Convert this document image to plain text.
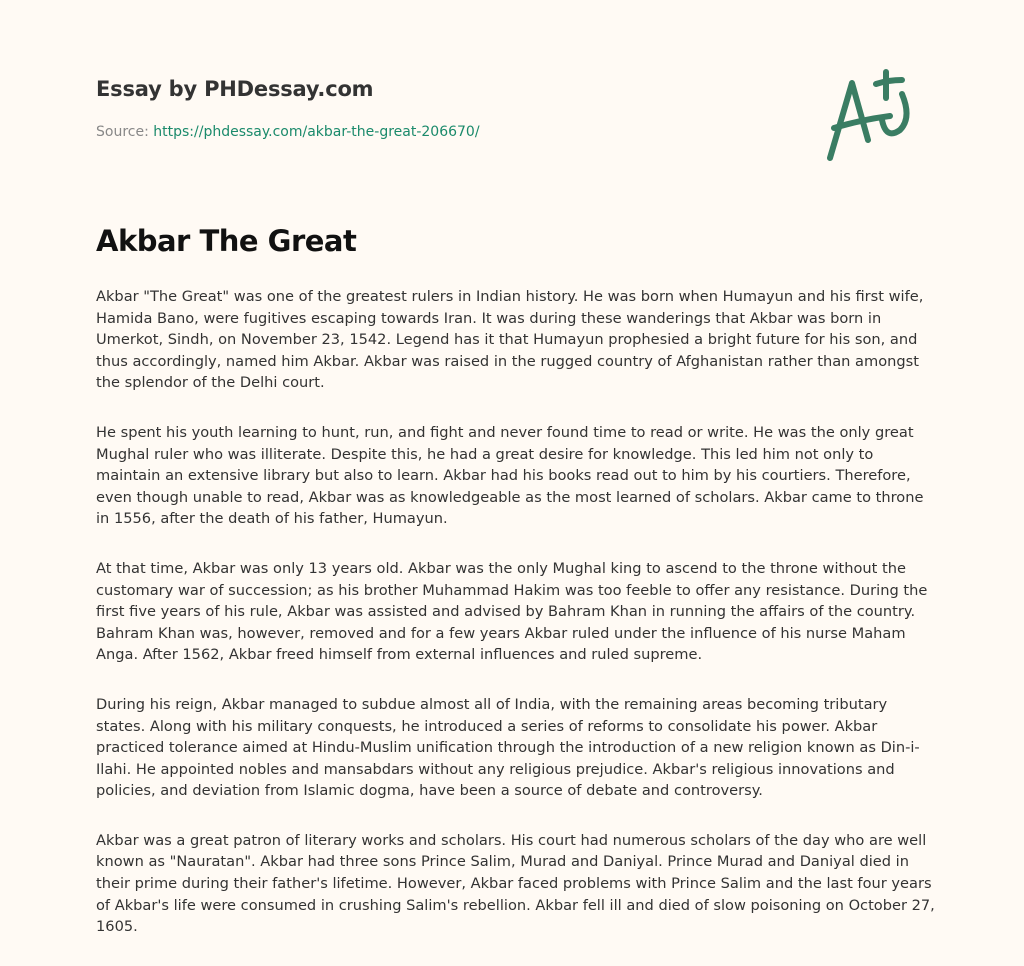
Essay by PHDessay.com
Source: https://phdessay.com/akbar-the-great-206670/
Akbar The Great

Akbar "The Great" was one of the greatest rulers in Indian history. He was born when Humayun and his first wife, Hamida Bano, were fugitives escaping towards Iran. It was during these wanderings that Akbar was born in Umerkot, Sindh, on November 23, 1542. Legend has it that Humayun prophesied a bright future for his son, and thus accordingly, named him Akbar. Akbar was raised in the rugged country of Afghanistan rather than amongst the splendor of the Delhi court.

He spent his youth learning to hunt, run, and fight and never found time to read or write. He was the only great Mughal ruler who was illiterate. Despite this, he had a great desire for knowledge. This led him not only to maintain an extensive library but also to learn. Akbar had his books read out to him by his courtiers. Therefore, even though unable to read, Akbar was as knowledgeable as the most learned of scholars. Akbar came to throne in 1556, after the death of his father, Humayun.

At that time, Akbar was only 13 years old. Akbar was the only Mughal king to ascend to the throne without the customary war of succession; as his brother Muhammad Hakim was too feeble to offer any resistance. During the first five years of his rule, Akbar was assisted and advised by Bahram Khan in running the affairs of the country. Bahram Khan was, however, removed and for a few years Akbar ruled under the influence of his nurse Maham Anga. After 1562, Akbar freed himself from external influences and ruled supreme.

During his reign, Akbar managed to subdue almost all of India, with the remaining areas becoming tributary states. Along with his military conquests, he introduced a series of reforms to consolidate his power. Akbar practiced tolerance aimed at Hindu-Muslim unification through the introduction of a new religion known as Din-i-Ilahi. He appointed nobles and mansabdars without any religious prejudice. Akbar's religious innovations and policies, and deviation from Islamic dogma, have been a source of debate and controversy.

Akbar was a great patron of literary works and scholars. His court had numerous scholars of the day who are well known as "Nauratan". Akbar had three sons Prince Salim, Murad and Daniyal. Prince Murad and Daniyal died in their prime during their father's lifetime. However, Akbar faced problems with Prince Salim and the last four years of Akbar's life were consumed in crushing Salim's rebellion. Akbar fell ill and died of slow poisoning on October 27, 1605.
